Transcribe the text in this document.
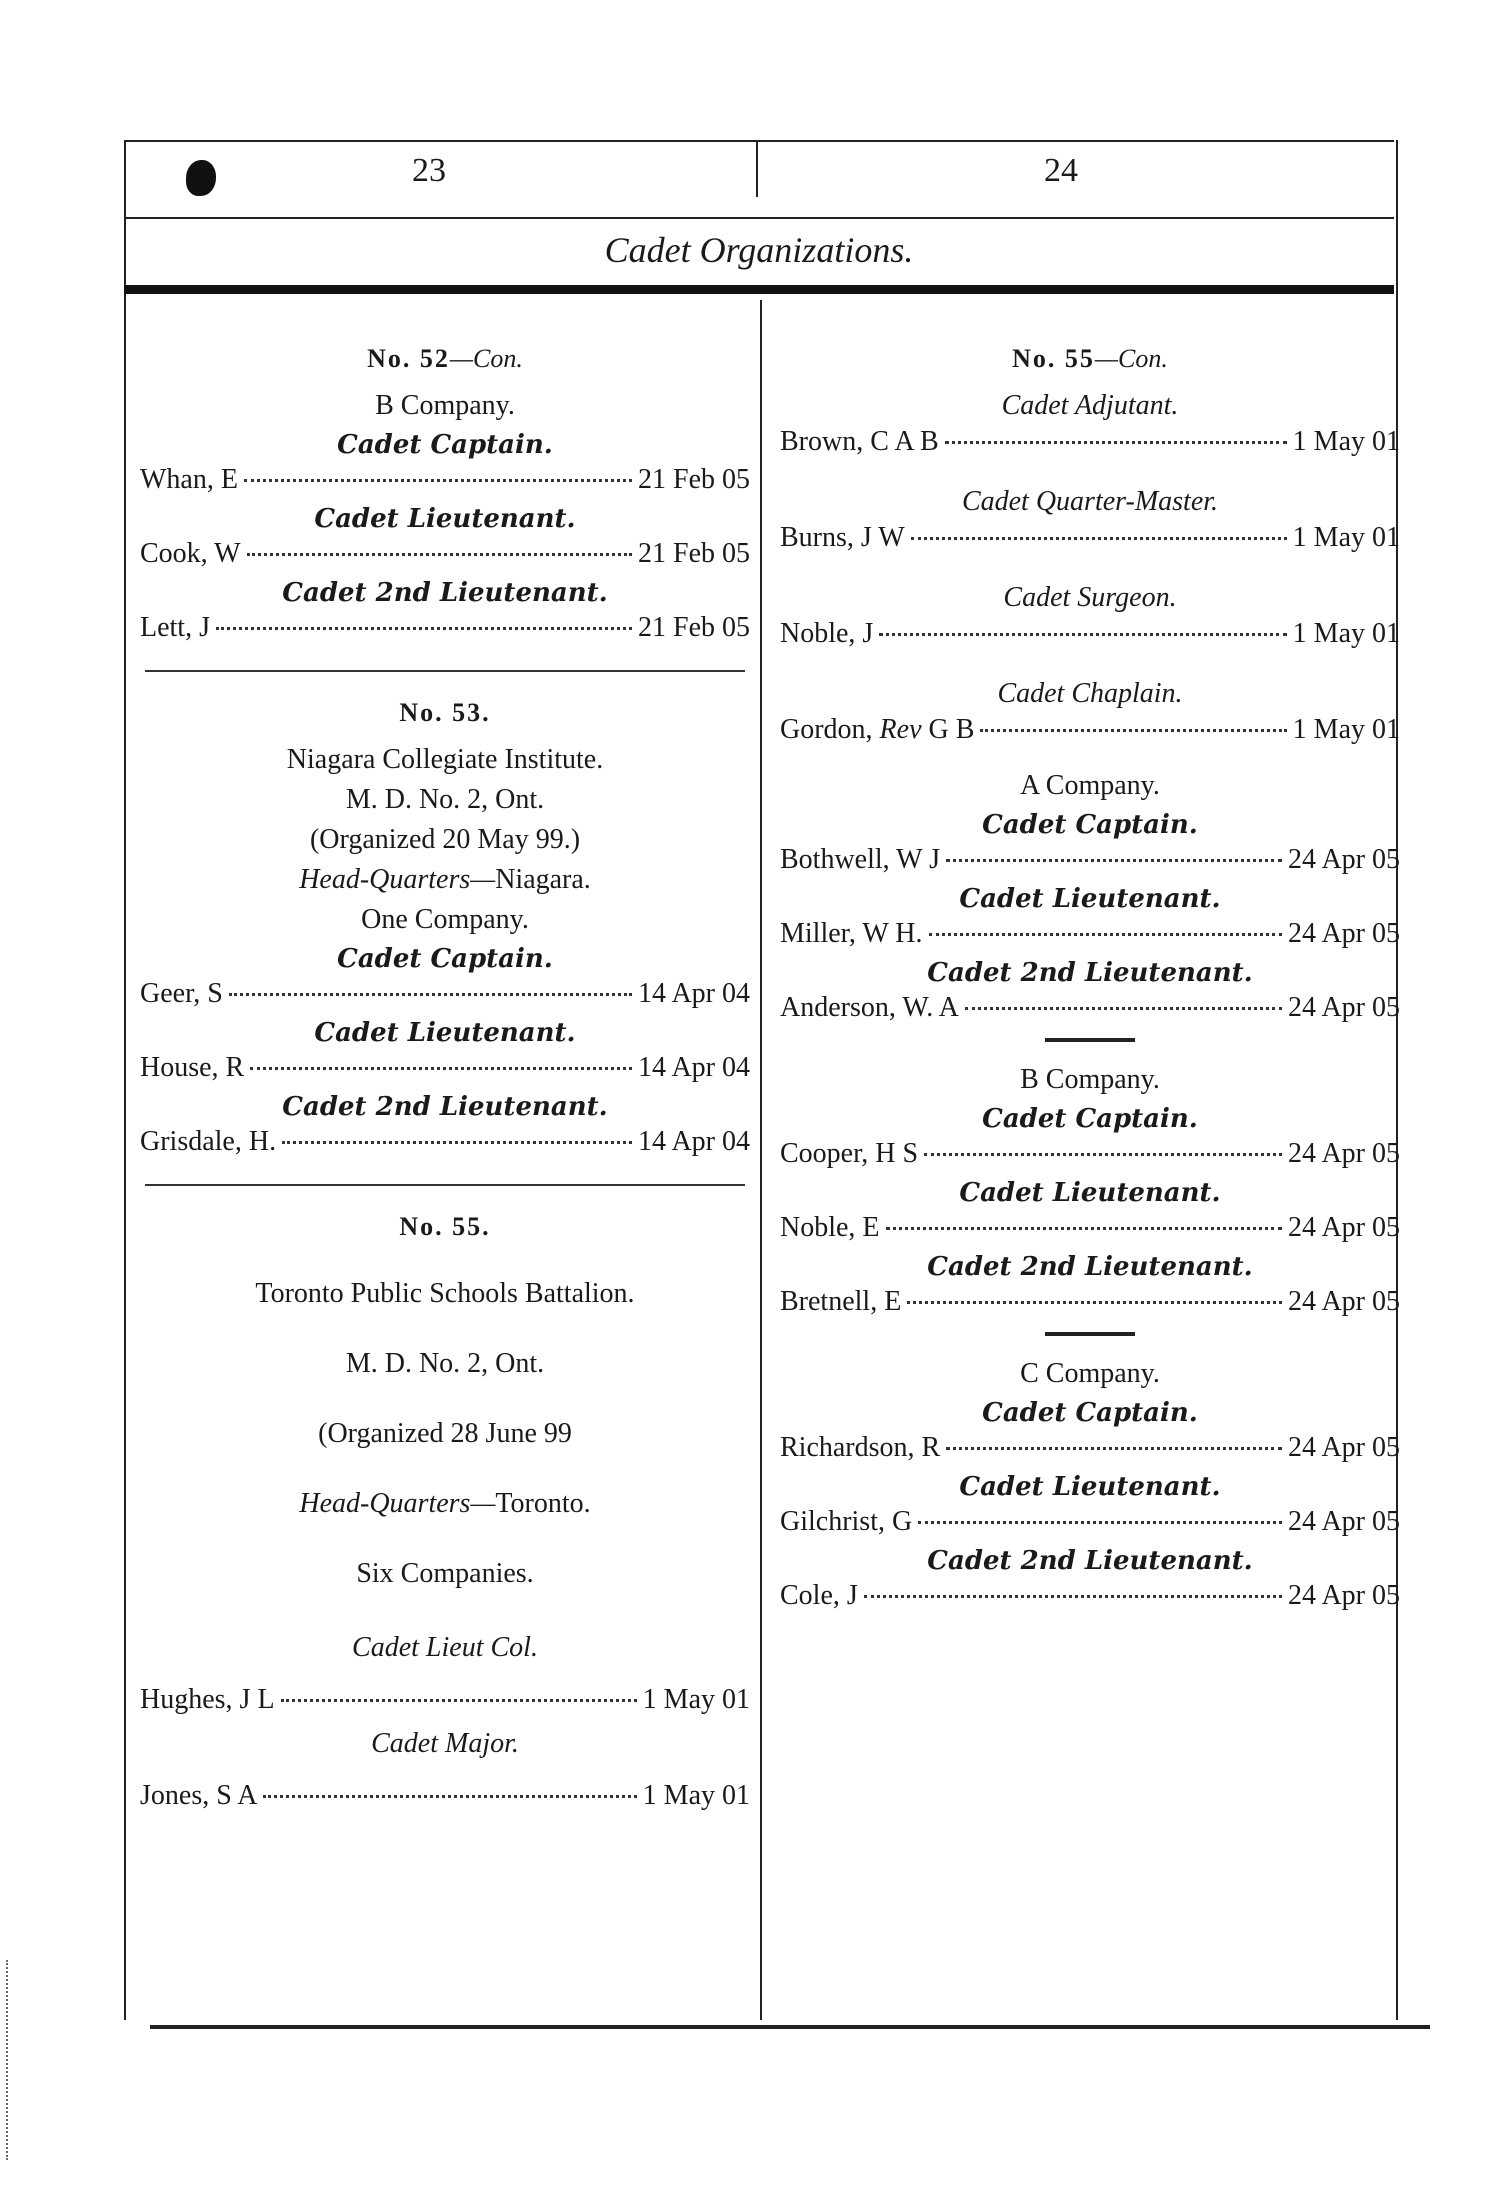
23	24
Cadet Organizations.
No. 52—Con.
B Company.
Cadet Captain.
Whan, E	21 Feb 05
Cadet Lieutenant.
Cook, W	21 Feb 05
Cadet 2nd Lieutenant.
Lett, J	21 Feb 05
No. 53.
Niagara Collegiate Institute.
M. D. No. 2, Ont.
(Organized 20 May 99.)
Head-Quarters—Niagara.
One Company.
Cadet Captain.
Geer, S	14 Apr 04
Cadet Lieutenant.
House, R	14 Apr 04
Cadet 2nd Lieutenant.
Grisdale, H.	14 Apr 04
No. 55.
Toronto Public Schools Battalion.
M. D. No. 2, Ont.
(Organized 28 June 99
Head-Quarters—Toronto.
Six Companies.
Cadet Lieut Col.
Hughes, J L	1 May 01
Cadet Major.
Jones, S A	1 May 01
No. 55—Con.
Cadet Adjutant.
Brown, C A B	1 May 01
Cadet Quarter-Master.
Burns, J W	1 May 01
Cadet Surgeon.
Noble, J	1 May 01
Cadet Chaplain.
Gordon, Rev G B	1 May 01
A Company.
Cadet Captain.
Bothwell, W J	24 Apr 05
Cadet Lieutenant.
Miller, W H.	24 Apr 05
Cadet 2nd Lieutenant.
Anderson, W. A	24 Apr 05
B Company.
Cadet Captain.
Cooper, H S	24 Apr 05
Cadet Lieutenant.
Noble, E	24 Apr 05
Cadet 2nd Lieutenant.
Bretnell, E	24 Apr 05
C Company.
Cadet Captain.
Richardson, R	24 Apr 05
Cadet Lieutenant.
Gilchrist, G	24 Apr 05
Cadet 2nd Lieutenant.
Cole, J	24 Apr 05
